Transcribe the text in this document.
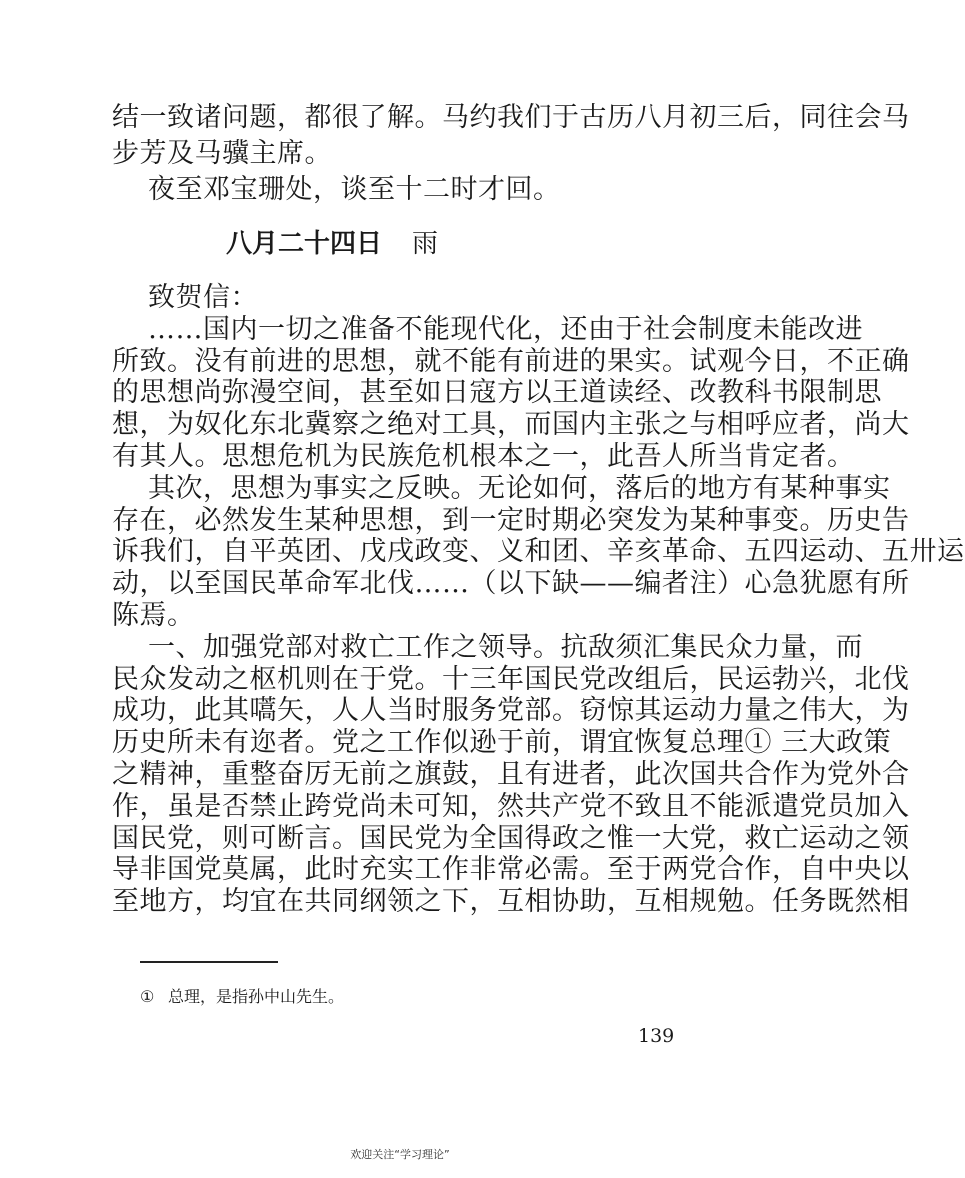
结一致诸问题，都很了解。马约我们于古历八月初三后，同往会马
步芳及马骥主席。
夜至邓宝珊处，谈至十二时才回。
八月二十四日 雨
致贺信：
……国内一切之准备不能现代化，还由于社会制度未能改进
所致。没有前进的思想，就不能有前进的果实。试观今日，不正确
的思想尚弥漫空间，甚至如日寇方以王道读经、改教科书限制思
想，为奴化东北冀察之绝对工具，而国内主张之与相呼应者，尚大
有其人。思想危机为民族危机根本之一，此吾人所当肯定者。
其次，思想为事实之反映。无论如何，落后的地方有某种事实
存在，必然发生某种思想，到一定时期必突发为某种事变。历史告
诉我们，自平英团、戊戌政变、义和团、辛亥革命、五四运动、五卅运
动，以至国民革命军北伐……（以下缺——编者注）心急犹愿有所
陈焉。
一、加强党部对救亡工作之领导。抗敌须汇集民众力量，而
民众发动之枢机则在于党。十三年国民党改组后，民运勃兴，北伐
成功，此其嚆矢，人人当时服务党部。窃惊其运动力量之伟大，为
历史所未有迩者。党之工作似逊于前，谓宜恢复总理① 三大政策
之精神，重整奋厉无前之旗鼓，且有进者，此次国共合作为党外合
作，虽是否禁止跨党尚未可知，然共产党不致且不能派遣党员加入
国民党，则可断言。国民党为全国得政之惟一大党，救亡运动之领
导非国党莫属，此时充实工作非常必需。至于两党合作，自中央以
① 总理，是指孙中山先生。
139
欢迎关注“学习理论”
至地方，均宜在共同纲领之下，互相协助，互相规勉。任务既然相
